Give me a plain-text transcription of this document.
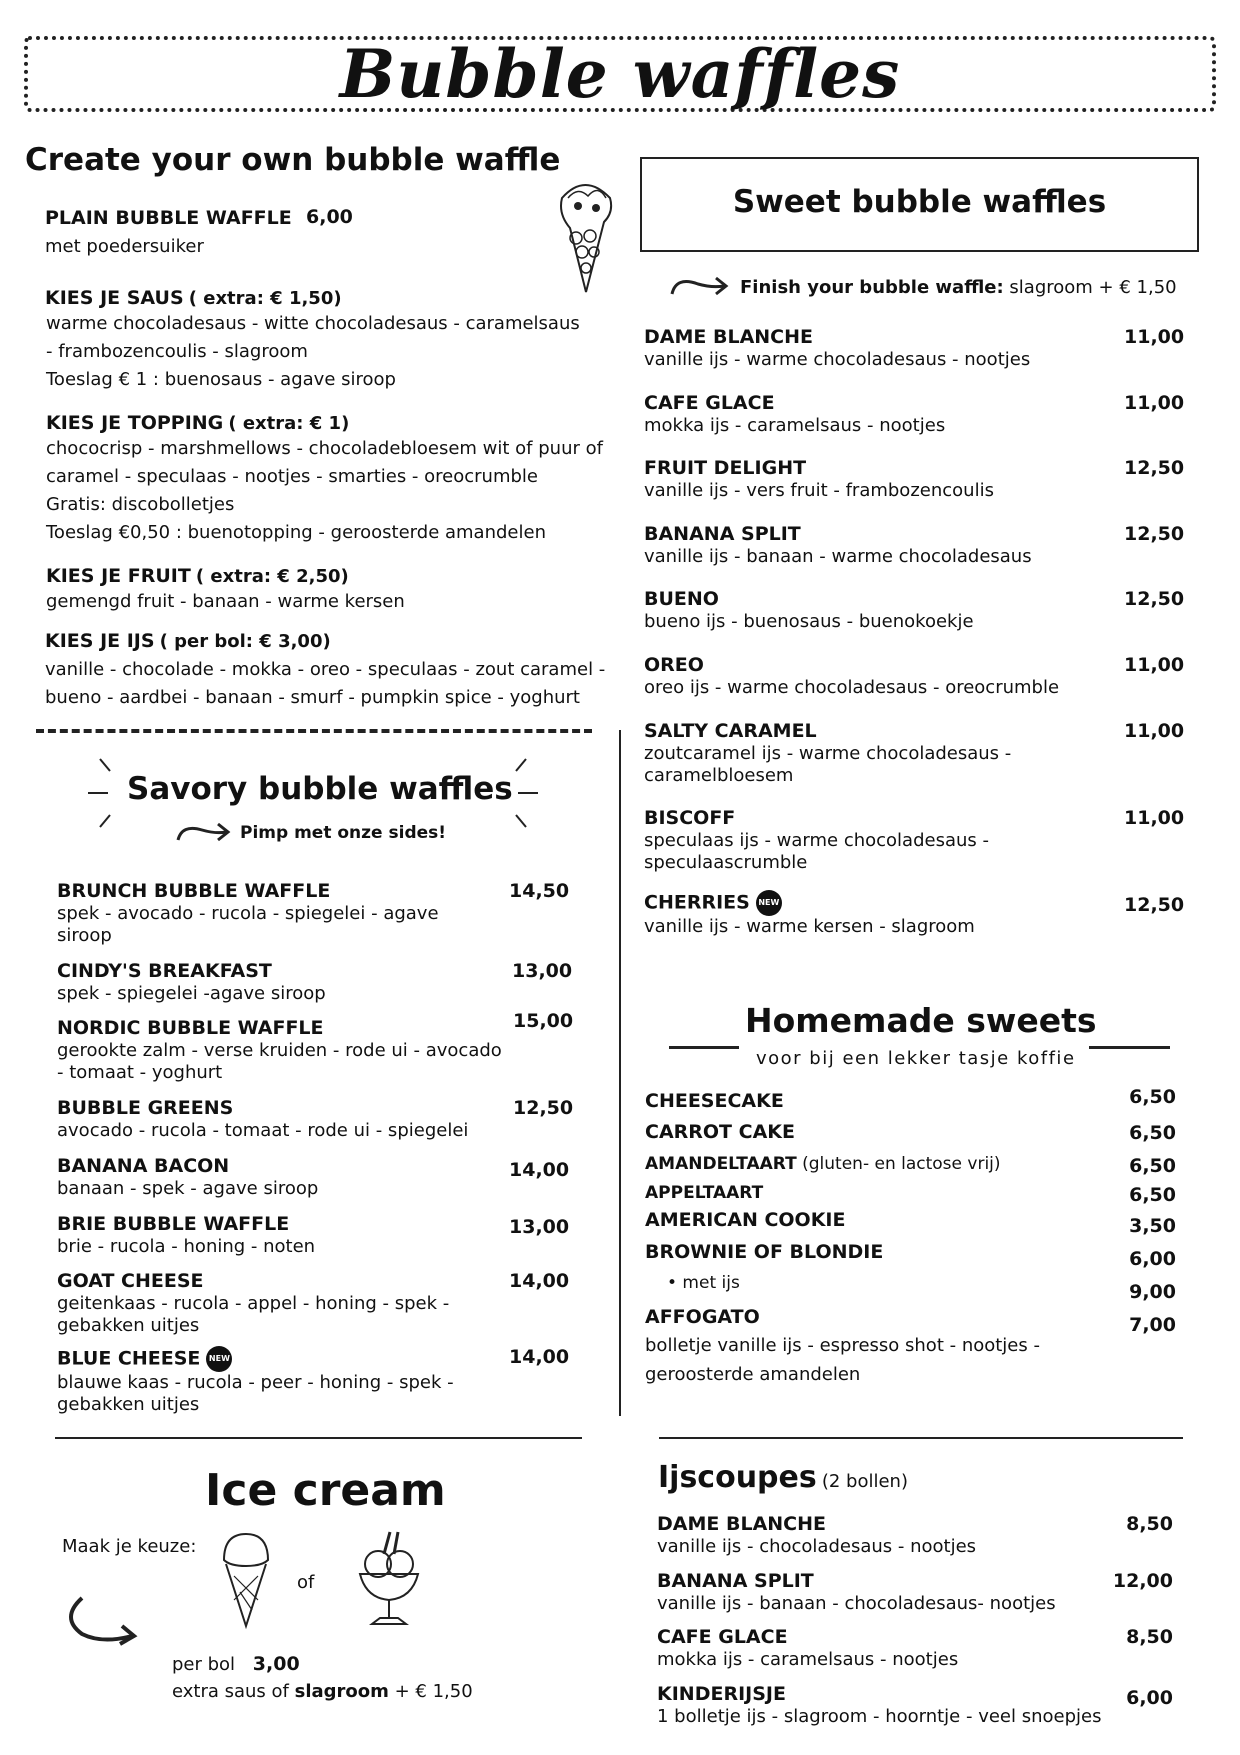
Bubble waffles
Create your own bubble waffle
PLAIN BUBBLE WAFFLE 6,00
met poedersuiker
KIES JE SAUS ( extra: € 1,50)
warme chocoladesaus - witte chocoladesaus - caramelsaus
- frambozencoulis - slagroom
Toeslag € 1 : buenosaus - agave siroop
KIES JE TOPPING ( extra: € 1)
chococrisp - marshmellows - chocoladebloesem wit of puur of
caramel - speculaas - nootjes - smarties - oreocrumble
Gratis: discobolletjes
Toeslag €0,50 : buenotopping - geroosterde amandelen
KIES JE FRUIT ( extra: € 2,50)
gemengd fruit - banaan - warme kersen
KIES JE IJS ( per bol: € 3,00)
vanille - chocolade - mokka - oreo - speculaas - zout caramel -
bueno - aardbei - banaan - smurf - pumpkin spice - yoghurt
Savory bubble waffles
Pimp met onze sides!
BRUNCH BUBBLE WAFFLE
spek - avocado - rucola - spiegelei - agave
siroop
14,50
CINDY'S BREAKFAST
spek - spiegelei -agave siroop
13,00
NORDIC BUBBLE WAFFLE
gerookte zalm - verse kruiden - rode ui - avocado
- tomaat - yoghurt
15,00
BUBBLE GREENS
avocado - rucola - tomaat - rode ui - spiegelei
12,50
BANANA BACON
banaan - spek - agave siroop
14,00
BRIE BUBBLE WAFFLE
brie - rucola - honing - noten
13,00
GOAT CHEESE
geitenkaas - rucola - appel - honing - spek -
gebakken uitjes
14,00
BLUE CHEESE NEW
blauwe kaas - rucola - peer - honing - spek -
gebakken uitjes
14,00
Sweet bubble waffles
Finish your bubble waffle: slagroom + € 1,50
DAME BLANCHE
vanille ijs - warme chocoladesaus - nootjes
11,00
CAFE GLACE
mokka ijs - caramelsaus - nootjes
11,00
FRUIT DELIGHT
vanille ijs - vers fruit - frambozencoulis
12,50
BANANA SPLIT
vanille ijs - banaan - warme chocoladesaus
12,50
BUENO
bueno ijs - buenosaus - buenokoekje
12,50
OREO
oreo ijs - warme chocoladesaus - oreocrumble
11,00
SALTY CARAMEL
zoutcaramel ijs - warme chocoladesaus -
caramelbloesem
11,00
BISCOFF
speculaas ijs - warme chocoladesaus -
speculaascrumble
11,00
CHERRIES NEW
vanille ijs - warme kersen - slagroom
12,50
Homemade sweets
voor bij een lekker tasje koffie
CHEESECAKE	6,50
CARROT CAKE	6,50
AMANDELTAART (gluten- en lactose vrij)	6,50
APPELTAART	6,50
AMERICAN COOKIE	3,50
BROWNIE OF BLONDIE	6,00
• met ijs	9,00
AFFOGATO	7,00
bolletje vanille ijs - espresso shot - nootjes -
geroosterde amandelen
Ice cream
Maak je keuze:
of
per bol 3,00
extra saus of slagroom + € 1,50
Ijscoupes (2 bollen)
DAME BLANCHE
vanille ijs - chocoladesaus - nootjes
8,50
BANANA SPLIT
vanille ijs - banaan - chocoladesaus- nootjes
12,00
CAFE GLACE
mokka ijs - caramelsaus - nootjes
8,50
KINDERIJSJE
1 bolletje ijs - slagroom - hoorntje - veel snoepjes
6,00
